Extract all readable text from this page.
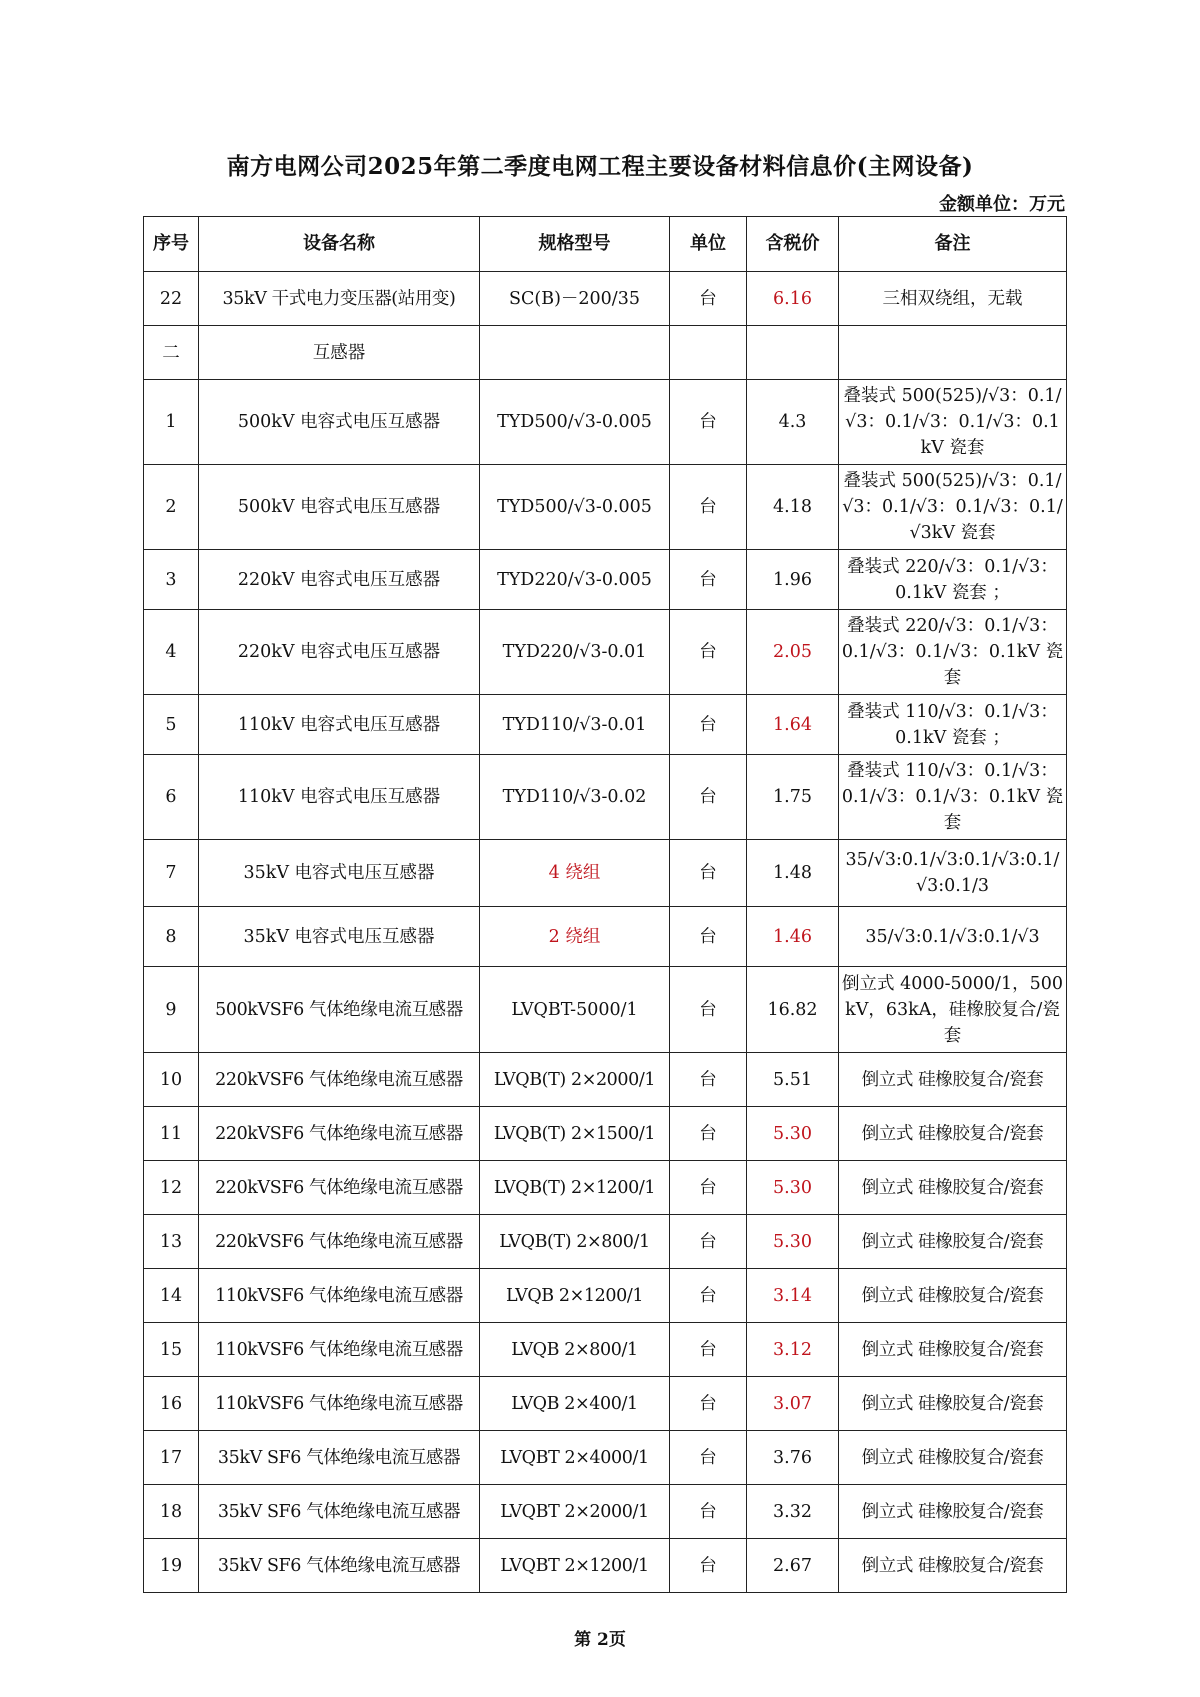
南方电网公司2025年第二季度电网工程主要设备材料信息价(主网设备)
金额单位：万元
序号	设备名称	规格型号	单位	含税价	备注
22	35kV 干式电力变压器(站用变)	SC(B)－200/35	台	6.16	三相双绕组，无载
二	互感器				
1	500kV 电容式电压互感器	TYD500/√3-0.005	台	4.3	叠装式 500(525)/√3：0.1/√3：0.1/√3：0.1/√3：0.1kV 瓷套
2	500kV 电容式电压互感器	TYD500/√3-0.005	台	4.18	叠装式 500(525)/√3：0.1/√3：0.1/√3：0.1/√3：0.1/√3kV 瓷套
3	220kV 电容式电压互感器	TYD220/√3-0.005	台	1.96	叠装式 220/√3：0.1/√3：0.1kV 瓷套 ；
4	220kV 电容式电压互感器	TYD220/√3-0.01	台	2.05	叠装式 220/√3：0.1/√3：0.1/√3：0.1/√3：0.1kV 瓷套
5	110kV 电容式电压互感器	TYD110/√3-0.01	台	1.64	叠装式 110/√3：0.1/√3：0.1kV 瓷套 ；
6	110kV 电容式电压互感器	TYD110/√3-0.02	台	1.75	叠装式 110/√3：0.1/√3：0.1/√3：0.1/√3：0.1kV 瓷套
7	35kV 电容式电压互感器	4 绕组	台	1.48	35/√3:0.1/√3:0.1/√3:0.1/√3:0.1/3
8	35kV 电容式电压互感器	2 绕组	台	1.46	35/√3:0.1/√3:0.1/√3
9	500kVSF6 气体绝缘电流互感器	LVQBT-5000/1	台	16.82	倒立式 4000-5000/1，500kV，63kA，硅橡胶复合/瓷套
10	220kVSF6 气体绝缘电流互感器	LVQB(T) 2×2000/1	台	5.51	倒立式 硅橡胶复合/瓷套
11	220kVSF6 气体绝缘电流互感器	LVQB(T) 2×1500/1	台	5.30	倒立式 硅橡胶复合/瓷套
12	220kVSF6 气体绝缘电流互感器	LVQB(T) 2×1200/1	台	5.30	倒立式 硅橡胶复合/瓷套
13	220kVSF6 气体绝缘电流互感器	LVQB(T) 2×800/1	台	5.30	倒立式 硅橡胶复合/瓷套
14	110kVSF6 气体绝缘电流互感器	LVQB 2×1200/1	台	3.14	倒立式 硅橡胶复合/瓷套
15	110kVSF6 气体绝缘电流互感器	LVQB 2×800/1	台	3.12	倒立式 硅橡胶复合/瓷套
16	110kVSF6 气体绝缘电流互感器	LVQB 2×400/1	台	3.07	倒立式 硅橡胶复合/瓷套
17	35kV SF6 气体绝缘电流互感器	LVQBT 2×4000/1	台	3.76	倒立式 硅橡胶复合/瓷套
18	35kV SF6 气体绝缘电流互感器	LVQBT 2×2000/1	台	3.32	倒立式 硅橡胶复合/瓷套
19	35kV SF6 气体绝缘电流互感器	LVQBT 2×1200/1	台	2.67	倒立式 硅橡胶复合/瓷套
第 2页
